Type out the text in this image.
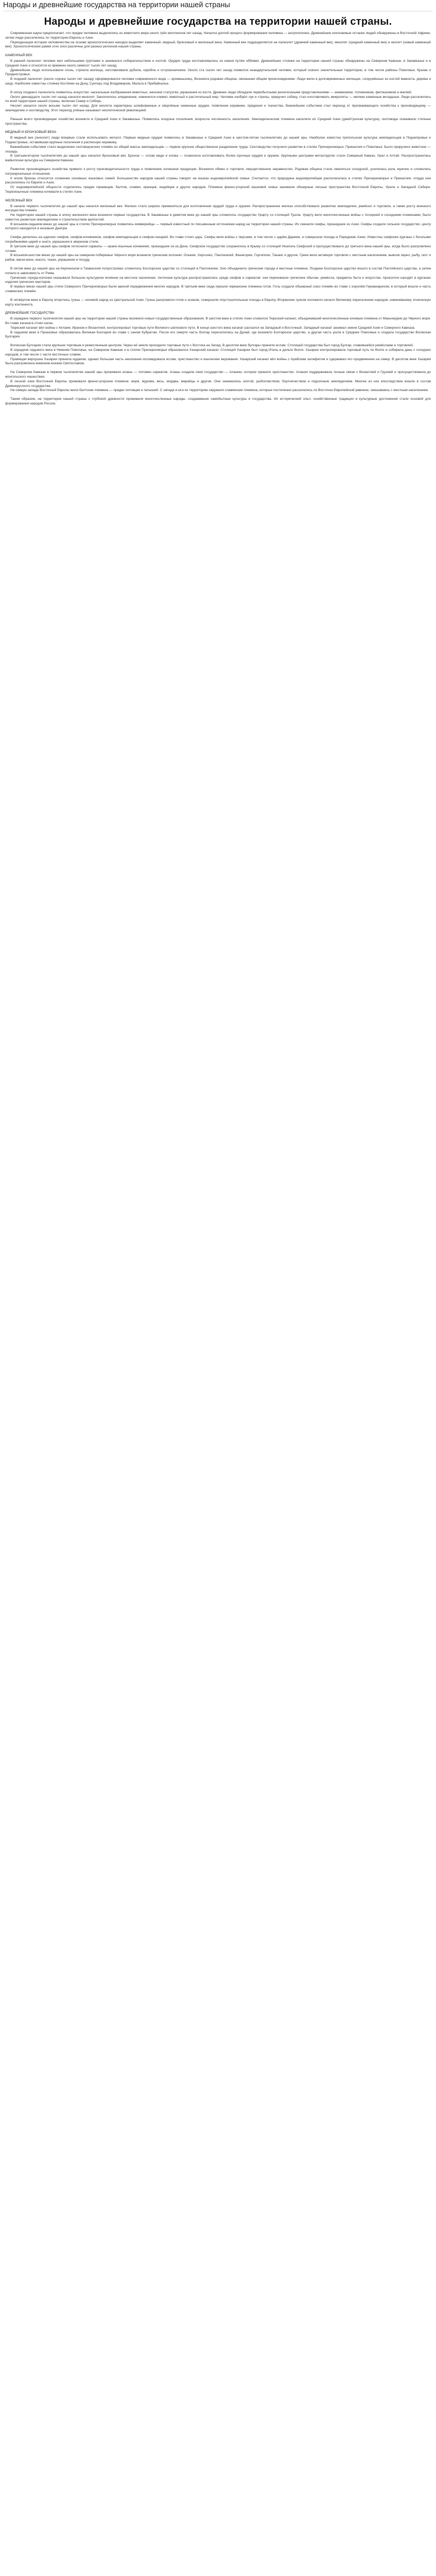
Народы и древнейшие государства на территории нашей страны
Народы и древнейшие государства на территории нашей страны.

Современная наука предполагает, что предки человека выделились из животного мира около трёх миллионов лет назад. Начался долгий процесс формирования человека — антропогенез. Древнейшие ископаемые останки людей обнаружены в Восточной Африке, затем люди расселились по территории Европы и Азии.

Периодизация истории человечества на основе археологических находок выделяет каменный, медный, бронзовый и железный века. Каменный век подразделяется на палеолит (древний каменный век), мезолит (средний каменный век) и неолит (новый каменный век). Хронологические рамки этих эпох различны для разных регионов нашей страны.

КАМЕННЫЙ ВЕК

В ранний палеолит человек жил небольшими группами и занимался собирательством и охотой. Орудия труда изготавливались из камня путём оббивки. Древнейшие стоянки на территории нашей страны обнаружены на Северном Кавказе, в Закавказье и в Средней Азии и относятся ко времени около семисот тысяч лет назад.

Древнейшие люди использовали огонь, строили жилища, изготавливали рубила, скребла и остроконечники. Около ста тысяч лет назад появился неандертальский человек, который освоил значительные территории, в том числе районы Поволжья, Крыма и Приднестровья.

В поздний палеолит (около сорока тысяч лет назад) сформировался человек современного вида — кроманьонец. Возникла родовая община, связанная общим происхождением. Люди жили в долговременных жилищах, сооружённых из костей мамонта, дерева и шкур. Наиболее известны стоянки Костёнки на Дону, Сунгирь под Владимиром, Мальта в Прибайкалье.

В эпоху позднего палеолита появилось искусство: наскальные изображения животных, женские статуэтки, украшения из кости. Древние люди обладали первобытными религиозными представлениями — анимизмом, тотемизмом, фетишизмом и магией.

Около двенадцати тысяч лет назад начался мезолит. Закончилось оледенение, изменился климат, животный и растительный мир. Человек изобрёл лук и стрелы, приручил собаку, стал изготавливать микролиты — мелкие каменные вкладыши. Люди расселились по всей территории нашей страны, включая Север и Сибирь.

Неолит начался около восьми тысяч лет назад. Для неолита характерны шлифованные и сверлёные каменные орудия, появление керамики, прядения и ткачества. Важнейшим событием стал переход от присваивающего хозяйства к производящему — земледелию и скотоводству. Этот переход учёные называют неолитической революцией.

Раньше всего производящее хозяйство возникло в Средней Азии и Закавказье. Появились оседлые поселения, возросла численность населения. Земледельческие племена населяли юг Средней Азии (джейтунская культура), скотоводы осваивали степные пространства.

МЕДНЫЙ И БРОНЗОВЫЙ ВЕКА

В медный век (энеолит) люди впервые стали использовать металл. Первые медные орудия появились в Закавказье и Средней Азии в шестом-пятом тысячелетиях до нашей эры. Наиболее известна трипольская культура земледельцев в Поднепровье и Поднестровье, оставившая крупные поселения и расписную керамику.

Важнейшим событием стало выделение скотоводческих племён из общей массы земледельцев — первое крупное общественное разделение труда. Скотоводство получило развитие в степях Причерноморья, Прикаспия и Поволжья. Было приручено животное — лошадь.

В третьем-втором тысячелетиях до нашей эры начался бронзовый век. Бронза — сплав меди и олова — позволила изготавливать более прочные орудия и оружие. Крупными центрами металлургии стали Северный Кавказ, Урал и Алтай. Распространилась майкопская культура на Северном Кавказе.

Развитие производящего хозяйства привело к росту производительности труда и появлению излишков продукции. Возникли обмен и торговля, имущественное неравенство. Родовая община стала сменяться соседской, усилилась роль мужчин и сложились патриархальные отношения.

К эпохе бронзы относится сложение основных языковых семей. Большинство народов нашей страны говорит на языках индоевропейской семьи. Считается, что прародина индоевропейцев располагалась в степях Причерноморья и Прикаспия, откуда они расселились по Европе и Азии.

От индоевропейской общности отделились предки германцев, балтов, славян, иранцев, индийцев и других народов. Племена финно-угорской языковой семьи занимали обширные лесные пространства Восточной Европы, Урала и Западной Сибири. Тюркоязычные племена кочевали в степях Азии.

ЖЕЛЕЗНЫЙ ВЕК

В начале первого тысячелетия до нашей эры начался железный век. Железо стало широко применяться для изготовления орудий труда и оружия. Распространение железа способствовало развитию земледелия, ремёсел и торговли, а также росту военного могущества племён.

На территории нашей страны в эпоху железного века возникли первые государства. В Закавказье в девятом веке до нашей эры сложилось государство Урарту со столицей Тушпа. Урарту вело многочисленные войны с Ассирией и соседними племенами, было известно развитым земледелием и строительством крепостей.

В восьмом-седьмом веках до нашей эры в степях Причерноморья появились киммерийцы — первый известный по письменным источникам народ на территории нашей страны. Их сменили скифы, пришедшие из Азии. Скифы создали сильное государство, центр которого находился в низовьях Днепра.

Скифы делились на царских скифов, скифов-кочевников, скифов-земледельцев и скифов-пахарей. Во главе стоял царь. Скифы вели войны с персами, в том числе с царём Дарием, и совершали походы в Переднюю Азию. Известны скифские курганы с богатыми погребениями царей и знати, украшения в зверином стиле.

В третьем веке до нашей эры скифов потеснили сарматы — ирано-язычные кочевники, пришедшие из-за Дона. Скифское государство сохранилось в Крыму со столицей Неаполь Скифский и просуществовало до третьего века нашей эры, когда было разгромлено готами.

В восьмом-шестом веках до нашей эры на северном побережье Чёрного моря возникли греческие колонии: Ольвия, Херсонес, Пантикапей, Фанагория, Горгиппия, Танаис и другие. Греки вели активную торговлю с местным населением, вывозя зерно, рыбу, скот и рабов, ввозя вино, масло, ткани, украшения и посуду.

В пятом веке до нашей эры на Керченском и Таманском полуостровах сложилось Боспорское царство со столицей в Пантикапее. Оно объединило греческие города и местные племена. Позднее Боспорское царство вошло в состав Понтийского царства, а затем попало в зависимость от Рима.

Греческие города-колонии оказывали большое культурное влияние на местное население. Античная культура распространялась среди скифов и сарматов: они перенимали греческие обычаи, ремёсла, предметы быта и искусства. Археологи находят в курганах изделия греческих мастеров.

В первых веках нашей эры степи Северного Причерноморья были ареной передвижения многих народов. В третьем веке сюда пришли германские племена готов. Готы создали обширный союз племён во главе с королём Германарихом, в который вошли и часть славянских племён.

В четвёртом веке в Европу вторглись гунны — кочевой народ из Центральной Азии. Гунны разгромили готов и аланов, совершили опустошительные походы в Европу. Вторжение гуннов положило начало Великому переселению народов, изменившему этническую карту континента.

ДРЕВНЕЙШИЕ ГОСУДАРСТВА

В середине первого тысячелетия нашей эры на территории нашей страны возникли новые государственные образования. В шестом веке в степях Азии сложился Тюркский каганат, объединивший многочисленные кочевые племена от Маньчжурии до Чёрного моря. Во главе каганата стоял каган.

Тюркский каганат вёл войны с Китаем, Ираном и Византией, контролировал торговые пути Великого шёлкового пути. В конце шестого века каганат распался на Западный и Восточный. Западный каганат занимал земли Средней Азии и Северного Кавказа.

В седьмом веке в Приазовье образовалась Великая Болгария во главе с ханом Кубратом. После его смерти часть болгар переселилась на Дунай, где возникло Болгарское царство, а другая часть ушла в Среднее Поволжье и создала государство Волжская Булгария.

Волжская Булгария стала крупным торговым и ремесленным центром. Через её земли проходили торговые пути с Востока на Запад. В десятом веке булгары приняли ислам. Столицей государства был город Булгар, славившийся ремёслами и торговлей.

В середине седьмого века в Нижнем Поволжье, на Северном Кавказе и в степях Причерноморья образовался Хазарский каганат. Столицей Хазарии был город Итиль в дельте Волги. Хазария контролировала торговый путь по Волге и собирала дань с соседних народов, в том числе с части восточных славян.

Правящая верхушка Хазарии приняла иудаизм, однако большая часть населения исповедовала ислам, христианство и языческие верования. Хазарский каганат вёл войны с Арабским халифатом и сдерживал его продвижение на север. В десятом веке Хазария была разгромлена киевским князем Святославом.

На Северном Кавказе в первом тысячелетии нашей эры проживали аланы — потомки сарматов. Аланы создали своё государство — Аланию, которое приняло христианство. Алания поддерживала тесные связи с Византией и Грузией и просуществовала до монгольского нашествия.

В лесной зоне Восточной Европы проживали финно-угорские племена: меря, мурома, весь, мордва, марийцы и другие. Они занимались охотой, рыболовством, бортничеством и подсечным земледелием. Многие из них впоследствии вошли в состав Древнерусского государства.

На северо-западе Восточной Европы жили балтские племена — предки литовцев и латышей. С запада и юга их территорию окружали славянские племена, которые постепенно расселялись по Восточно-Европейской равнине, смешиваясь с местным населением.

Таким образом, на территории нашей страны с глубокой древности проживали многочисленные народы, создававшие самобытные культуры и государства. Их исторический опыт, хозяйственные традиции и культурные достижения стали основой для формирования народов России.
